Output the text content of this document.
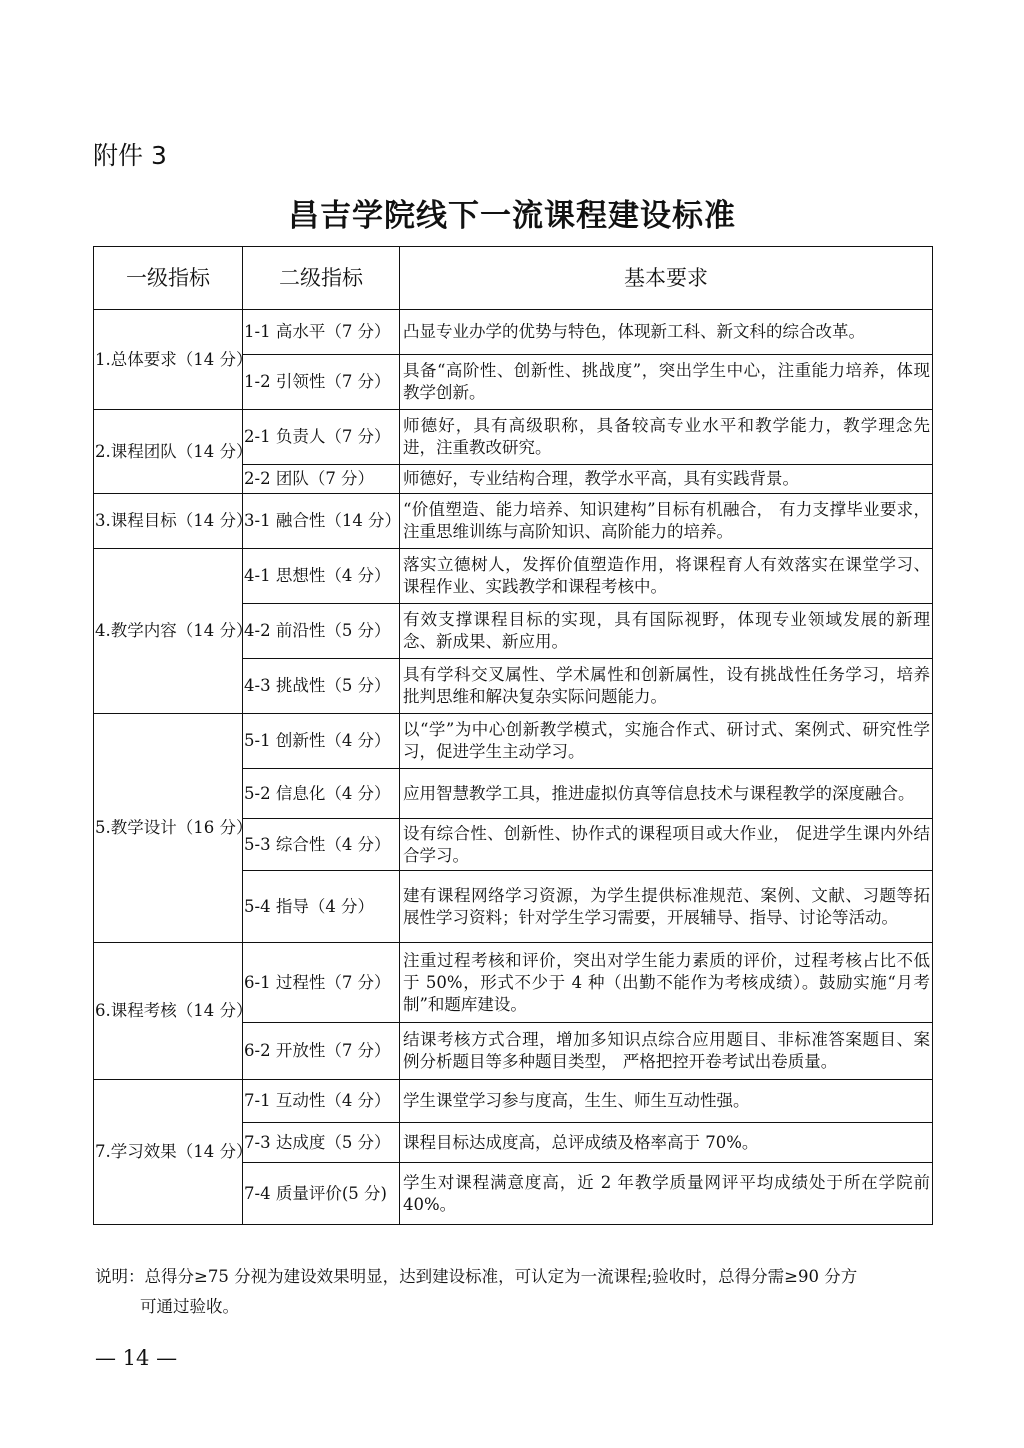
附件 3
昌吉学院线下一流课程建设标准
一级指标	二级指标	基本要求
1.总体要求（14 分）	1-1 高水平（7 分）	凸显专业办学的优势与特色，体现新工科、新文科的综合改革。
	1-2 引领性（7 分）	具备“高阶性、创新性、挑战度”，突出学生中心，注重能力培养，体现教学创新。
2.课程团队（14 分）	2-1 负责人（7 分）	师德好，具有高级职称，具备较高专业水平和教学能力，教学理念先进，注重教改研究。
	2-2 团队（7 分）	师德好，专业结构合理，教学水平高，具有实践背景。
3.课程目标（14 分）	3-1 融合性（14 分）	“价值塑造、能力培养、知识建构”目标有机融合， 有力支撑毕业要求，注重思维训练与高阶知识、高阶能力的培养。
4.教学内容（14 分）	4-1 思想性（4 分）	落实立德树人，发挥价值塑造作用，将课程育人有效落实在课堂学习、课程作业、实践教学和课程考核中。
	4-2 前沿性（5 分）	有效支撑课程目标的实现，具有国际视野，体现专业领域发展的新理念、新成果、新应用。
	4-3 挑战性（5 分）	具有学科交叉属性、学术属性和创新属性，设有挑战性任务学习，培养批判思维和解决复杂实际问题能力。
5.教学设计（16 分）	5-1 创新性（4 分）	以“学”为中心创新教学模式，实施合作式、研讨式、案例式、研究性学习，促进学生主动学习。
	5-2 信息化（4 分）	应用智慧教学工具，推进虚拟仿真等信息技术与课程教学的深度融合。
	5-3 综合性（4 分）	设有综合性、创新性、协作式的课程项目或大作业， 促进学生课内外结合学习。
	5-4 指导（4 分）	建有课程网络学习资源，为学生提供标准规范、案例、文献、习题等拓展性学习资料；针对学生学习需要，开展辅导、指导、讨论等活动。
6.课程考核（14 分）	6-1 过程性（7 分）	注重过程考核和评价，突出对学生能力素质的评价，过程考核占比不低于 50%，形式不少于 4 种（出勤不能作为考核成绩）。鼓励实施“月考制”和题库建设。
	6-2 开放性（7 分）	结课考核方式合理，增加多知识点综合应用题目、非标准答案题目、案例分析题目等多种题目类型， 严格把控开卷考试出卷质量。
7.学习效果（14 分）	7-1 互动性（4 分）	学生课堂学习参与度高，生生、师生互动性强。
	7-3 达成度（5 分）	课程目标达成度高，总评成绩及格率高于 70%。
	7-4 质量评价(5 分)	学生对课程满意度高，近 2 年教学质量网评平均成绩处于所在学院前 40%。
说明：总得分≥75 分视为建设效果明显，达到建设标准，可认定为一流课程;验收时，总得分需≥90 分方
可通过验收。
— 14 —
